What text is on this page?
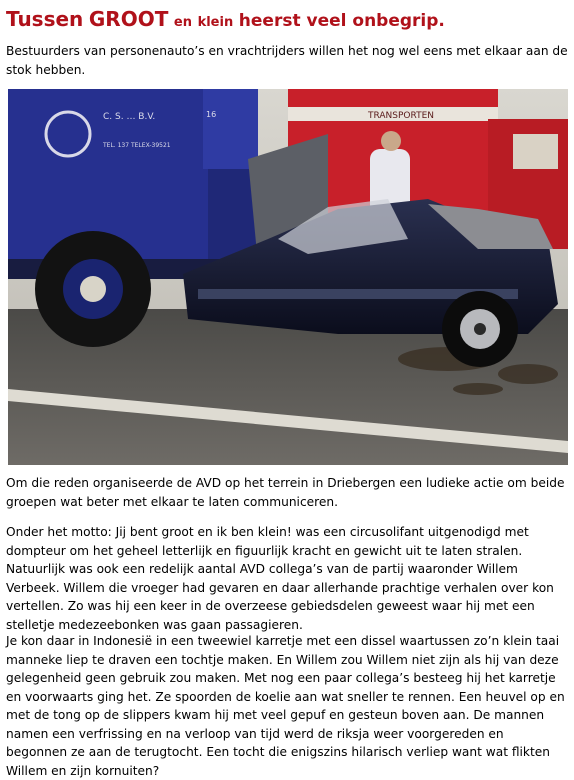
Tussen GROOT en klein heerst veel onbegrip.

Bestuurders van personenauto’s en vrachtrijders willen het nog wel eens met elkaar aan de stok hebben.

TRANSPORTEN
C. S. … B.V.
TEL. 137 TELEX-39521
16

Om die reden organiseerde de AVD op het terrein in Driebergen een ludieke actie om beide groepen wat beter met elkaar te laten communiceren.

Onder het motto: Jij bent groot en ik ben klein! was een circusolifant uitgenodigd met dompteur om het geheel letterlijk en figuurlijk kracht en gewicht uit te laten stralen. Natuurlijk was ook een redelijk aantal AVD collega’s van de partij waaronder Willem Verbeek. Willem die vroeger had gevaren en daar allerhande prachtige verhalen over kon vertellen. Zo was hij een keer in de overzeese gebiedsdelen geweest waar hij met een stelletje medezeebonken was gaan passagieren.

Je kon daar in Indonesië in een tweewiel karretje met een dissel waartussen zo’n klein taai manneke liep te draven een tochtje maken. En Willem zou Willem niet zijn als hij van deze gelegenheid geen gebruik zou maken. Met nog een paar collega’s besteeg hij het karretje en voorwaarts ging het. Ze spoorden de koelie aan wat sneller te rennen. Een heuvel op en met de tong op de slippers kwam hij met veel gepuf en gesteun boven aan. De mannen namen een verfrissing en na verloop van tijd werd de riksja weer voorgereden en begonnen ze aan de terugtocht. Een tocht die enigszins hilarisch verliep want wat flikten Willem en zijn kornuiten?
